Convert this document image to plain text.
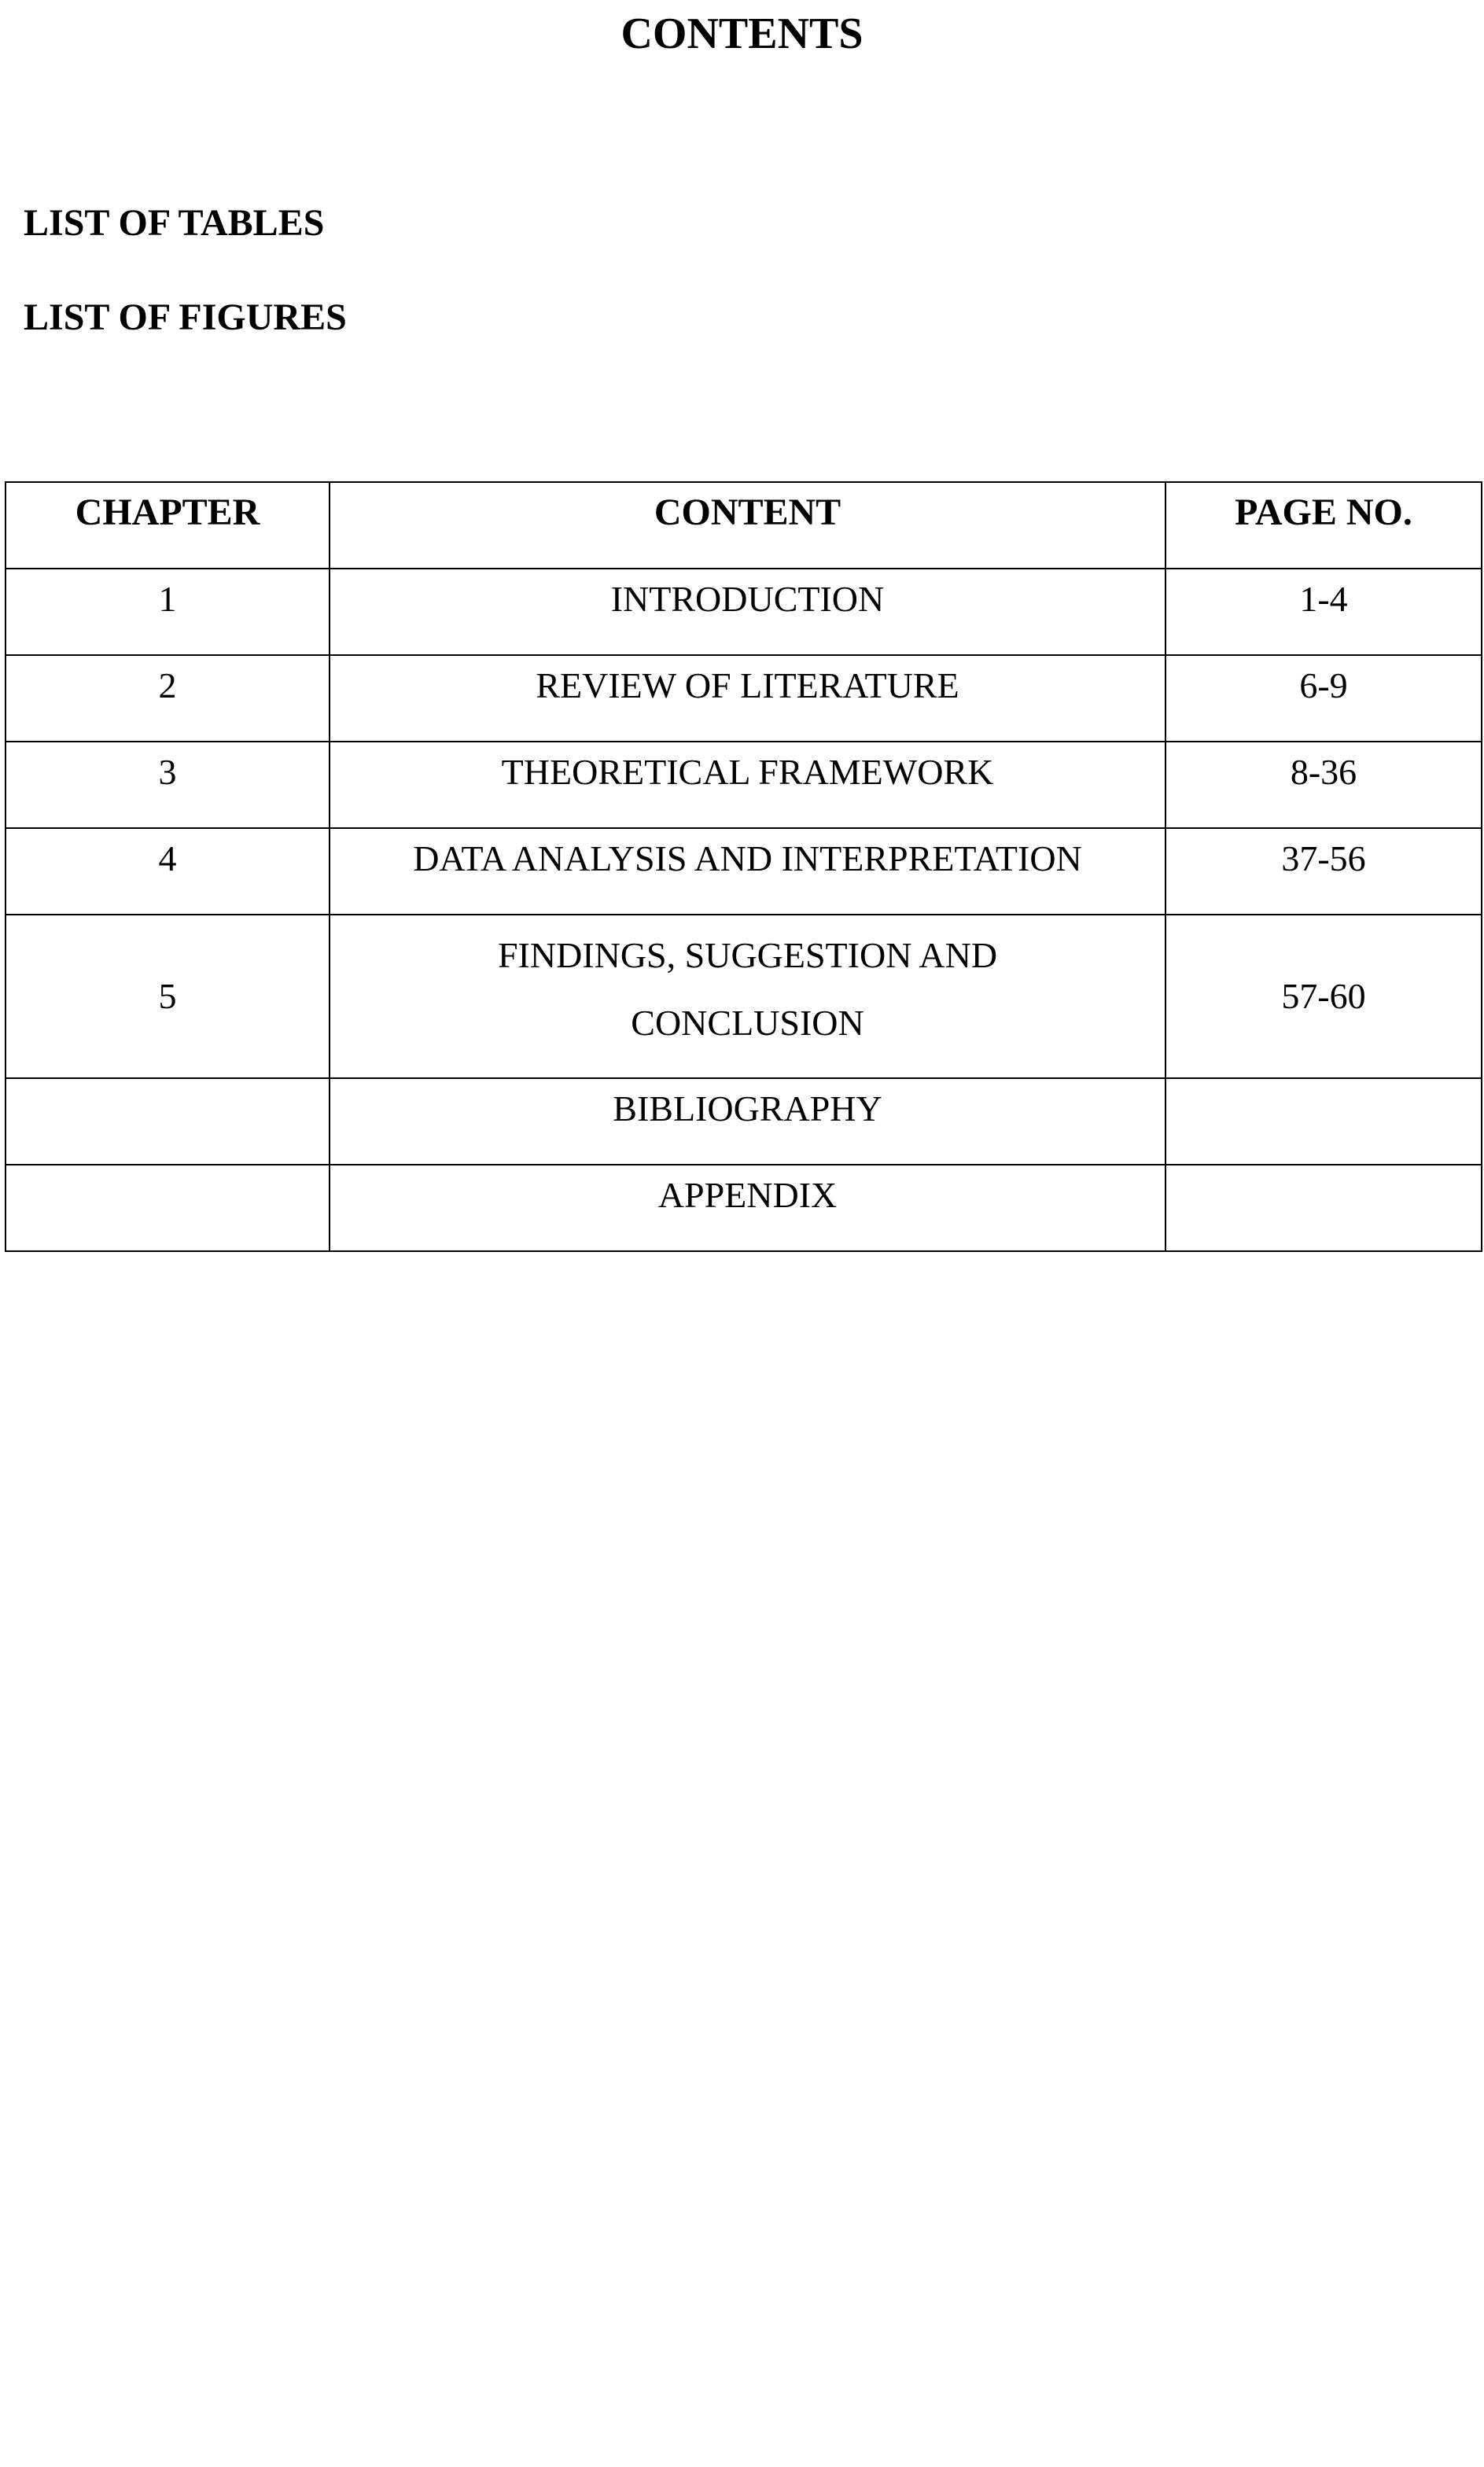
CONTENTS
LIST OF TABLES
LIST OF FIGURES
CHAPTER	CONTENT	PAGE NO.
1	INTRODUCTION	1-4
2	REVIEW OF LITERATURE	6-9
3	THEORETICAL FRAMEWORK	8-36
4	DATA ANALYSIS AND INTERPRETATION	37-56
5	FINDINGS, SUGGESTION AND CONCLUSION	57-60
	BIBLIOGRAPHY	
	APPENDIX	
